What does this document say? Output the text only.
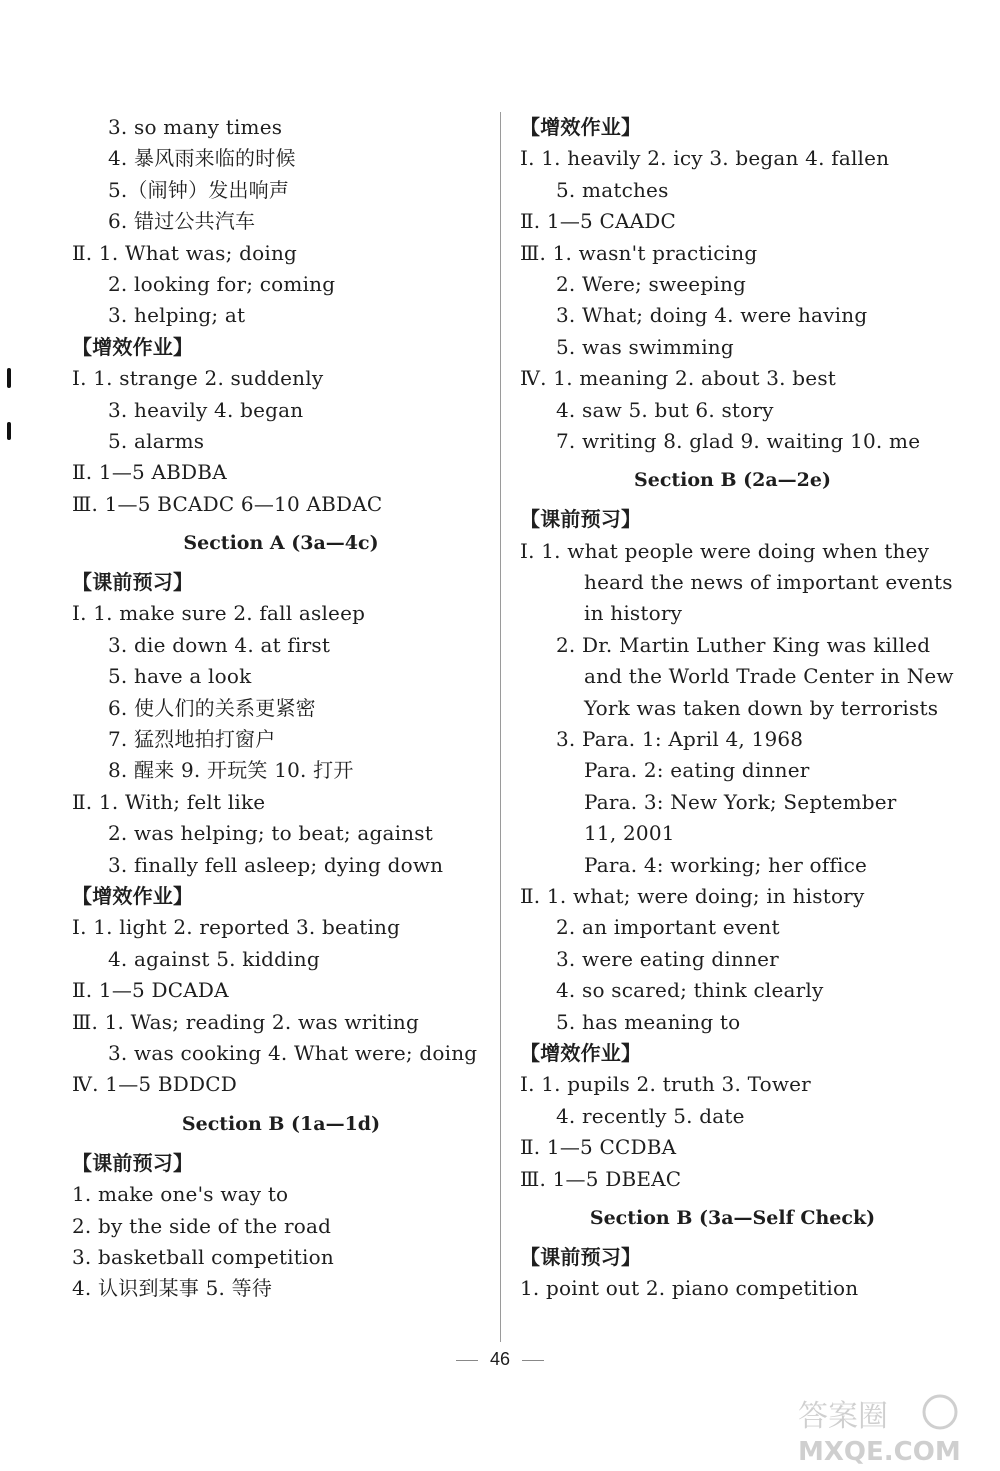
3. so many times
4. 暴风雨来临的时候
5.（闹钟）发出响声
6. 错过公共汽车
Ⅱ. 1. What was; doing
2. looking for; coming
3. helping; at
【增效作业】
Ⅰ. 1. strange 2. suddenly
3. heavily 4. began
5. alarms
Ⅱ. 1—5 ABDBA
Ⅲ. 1—5 BCADC 6—10 ABDAC
Section A (3a—4c)
【课前预习】
Ⅰ. 1. make sure 2. fall asleep
3. die down 4. at first
5. have a look
6. 使人们的关系更紧密
7. 猛烈地拍打窗户
8. 醒来 9. 开玩笑 10. 打开
Ⅱ. 1. With; felt like
2. was helping; to beat; against
3. finally fell asleep; dying down
【增效作业】
Ⅰ. 1. light 2. reported 3. beating
4. against 5. kidding
Ⅱ. 1—5 DCADA
Ⅲ. 1. Was; reading 2. was writing
3. was cooking 4. What were; doing
Ⅳ. 1—5 BDDCD
Section B (1a—1d)
【课前预习】
1. make one's way to
2. by the side of the road
3. basketball competition
4. 认识到某事 5. 等待
【增效作业】
Ⅰ. 1. heavily 2. icy 3. began 4. fallen
5. matches
Ⅱ. 1—5 CAADC
Ⅲ. 1. wasn't practicing
2. Were; sweeping
3. What; doing 4. were having
5. was swimming
Ⅳ. 1. meaning 2. about 3. best
4. saw 5. but 6. story
7. writing 8. glad 9. waiting 10. me
Section B (2a—2e)
【课前预习】
Ⅰ. 1. what people were doing when they
heard the news of important events
in history
2. Dr. Martin Luther King was killed
and the World Trade Center in New
York was taken down by terrorists
3. Para. 1: April 4, 1968
Para. 2: eating dinner
Para. 3: New York; September
11, 2001
Para. 4: working; her office
Ⅱ. 1. what; were doing; in history
2. an important event
3. were eating dinner
4. so scared; think clearly
5. has meaning to
【增效作业】
Ⅰ. 1. pupils 2. truth 3. Tower
4. recently 5. date
Ⅱ. 1—5 CCDBA
Ⅲ. 1—5 DBEAC
Section B (3a—Self Check)
【课前预习】
1. point out 2. piano competition
46
答案圈
MXQE.COM
